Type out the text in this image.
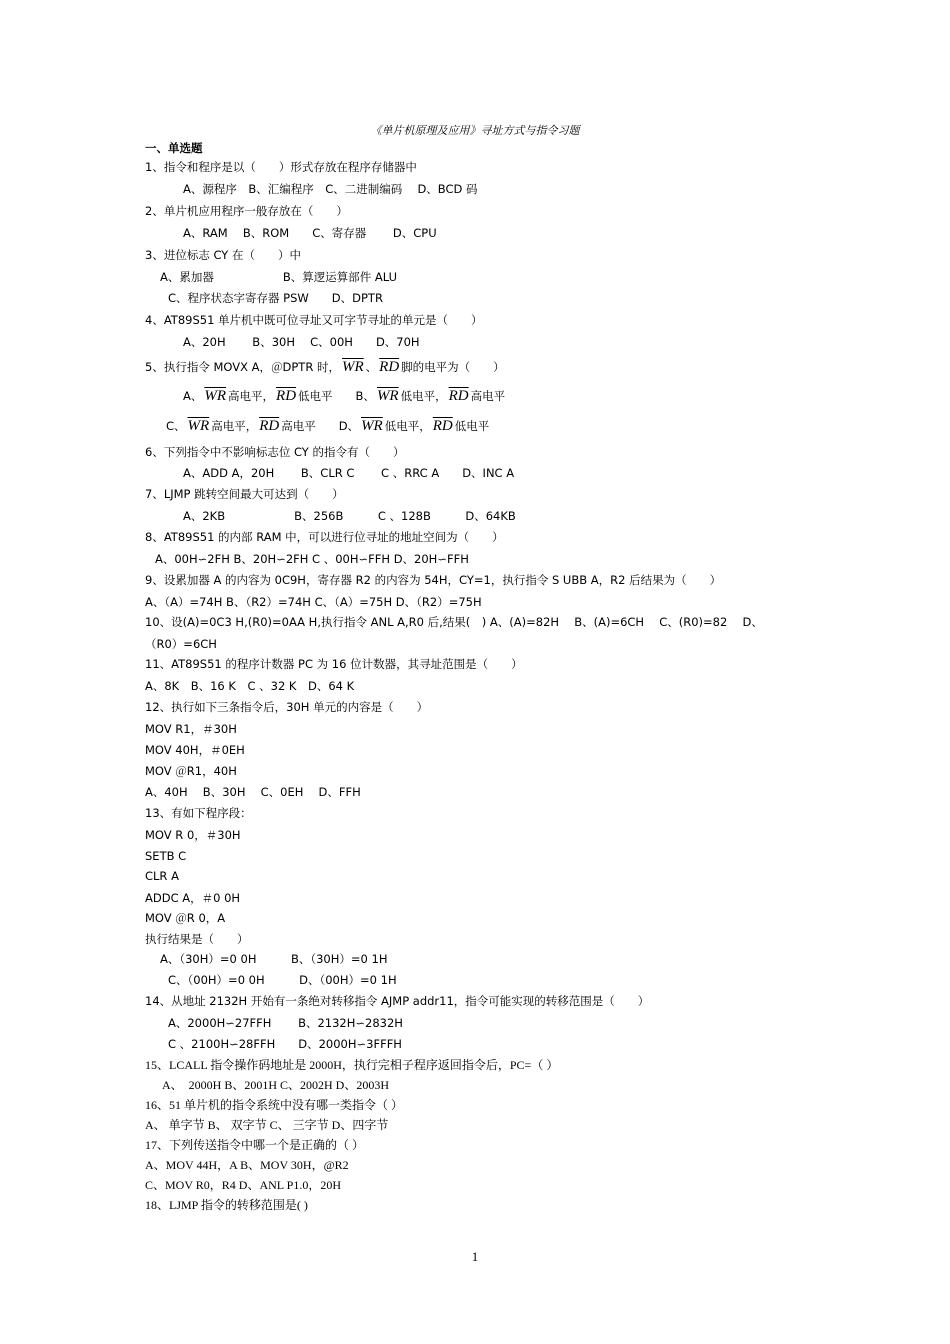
《单片机原理及应用》寻址方式与指令习题
一、单选题
1、指令和程序是以（　　）形式存放在程序存储器中
A、源程序　B、汇编程序　C、二进制编码　 D、BCD 码
2、单片机应用程序一般存放在（　　）
A、RAM　 B、ROM　　C、寄存器　　 D、CPU
3、进位标志 CY 在（　　）中
A、累加器　　　　　　B、算逻运算部件 ALU
C、程序状态字寄存器 PSW　　D、DPTR
4、AT89S51 单片机中既可位寻址又可字节寻址的单元是（　　）
A、20H　　 B、30H　 C、00H　　D、70H
5、执行指令 MOVX A，＠DPTR 时， $\overline{WR}$ 、 $\overline{RD}$ 脚的电平为（　　）
A、 $\overline{WR}$ 高电平， $\overline{RD}$ 低电平　　B、 $\overline{WR}$ 低电平， $\overline{RD}$ 高电平
C、 $\overline{WR}$ 高电平， $\overline{RD}$ 高电平　　D、 $\overline{WR}$ 低电平， $\overline{RD}$ 低电平
6、下列指令中不影响标志位 CY 的指令有（　　）
A、ADD A，20H　　 B、CLR C　　 C 、RRC A　　D、INC A
7、LJMP 跳转空间最大可达到（　　）
A、2KB　　　　　　B、256B　　　C 、128B　　　D、64KB
8、AT89S51 的内部 RAM 中，可以进行位寻址的地址空间为（　　）
A、00H∽2FH B、20H∽2FH C 、00H∽FFH D、20H∽FFH
9、设累加器 A 的内容为 0C9H，寄存器 R2 的内容为 54H，CY=1，执行指令 S UBB A，R2 后结果为（　　）
A、（A）=74H B、（R2）=74H C、（A）=75H D、（R2）=75H
10、设(A)=0C3 H,(R0)=0AA H,执行指令 ANL A,R0 后,结果(　) A、(A)=82H　 B、(A)=6CH　 C、(R0)=82　 D、
（R0）=6CH
11、AT89S51 的程序计数器 PC 为 16 位计数器，其寻址范围是（　　）
A、8K　B、16 K　C 、32 K　D、64 K
12、执行如下三条指令后，30H 单元的内容是（　　）
MOV R1，＃30H
MOV 40H，＃0EH
MOV ＠R1，40H
A、40H　 B、30H　 C、0EH　 D、FFH
13、有如下程序段：
MOV R 0，＃30H
SETB C
CLR A
ADDC A，＃0 0H
MOV ＠R 0，A
执行结果是（　　）
A、（30H）=0 0H　　　B、（30H）=0 1H
C、（00H）=0 0H　　　D、（00H）=0 1H
14、从地址 2132H 开始有一条绝对转移指令 AJMP addr11，指令可能实现的转移范围是（　　）
A、2000H∽27FFH　　 B、2132H∽2832H
C 、2100H∽28FFH　　D、2000H∽3FFFH
15、LCALL 指令操作码地址是 2000H，执行完相子程序返回指令后，PC=（ ）
A、　2000H B、2001H C、2002H D、2003H
16、51 单片机的指令系统中没有哪一类指令（ ）
A、 单字节 B、 双字节 C、 三字节 D、四字节
17、下列传送指令中哪一个是正确的（ ）
A、MOV 44H，A B、MOV 30H，@R2
C、MOV R0，R4 D、ANL P1.0，20H
18、LJMP 指令的转移范围是( )
1
